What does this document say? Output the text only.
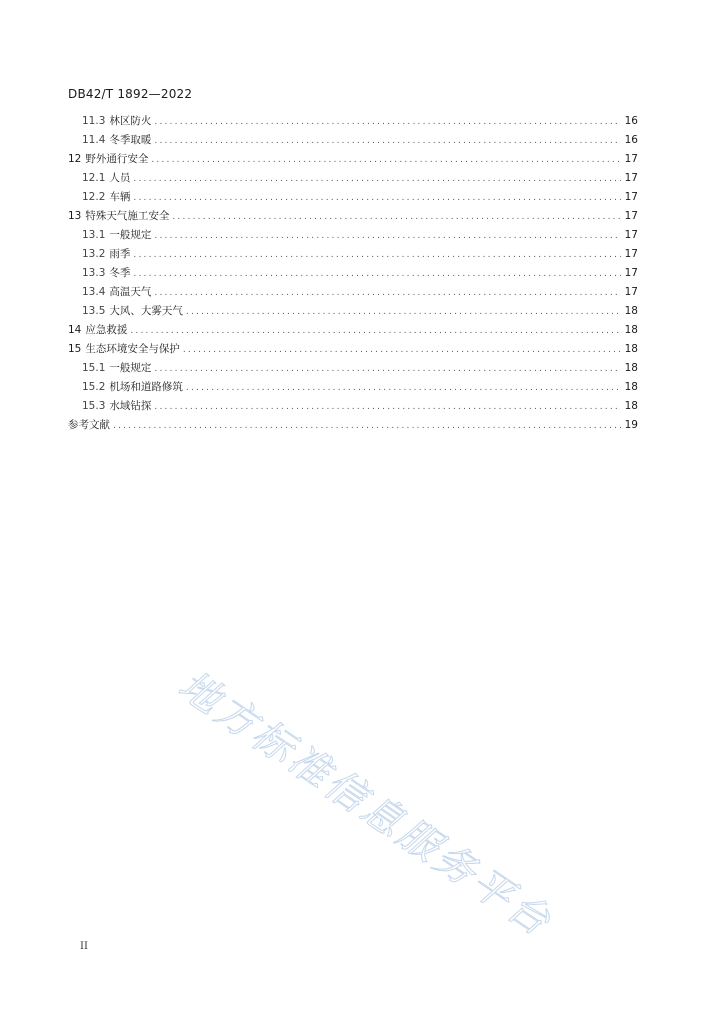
DB42/T 1892—2022
11.3 林区防火 .....	16
11.4 冬季取暖 .....	16
12 野外通行安全 .....	17
12.1 人员 .....	17
12.2 车辆 .....	17
13 特殊天气施工安全 .....	17
13.1 一般规定 .....	17
13.2 雨季 .....	17
13.3 冬季 .....	17
13.4 高温天气 .....	17
13.5 大风、大雾天气 .....	18
14 应急救援 .....	18
15 生态环境安全与保护 .....	18
15.1 一般规定 .....	18
15.2 机场和道路修筑 .....	18
15.3 水域钻探 .....	18
参考文献 .....	19
II 地方标准信息服务平台
